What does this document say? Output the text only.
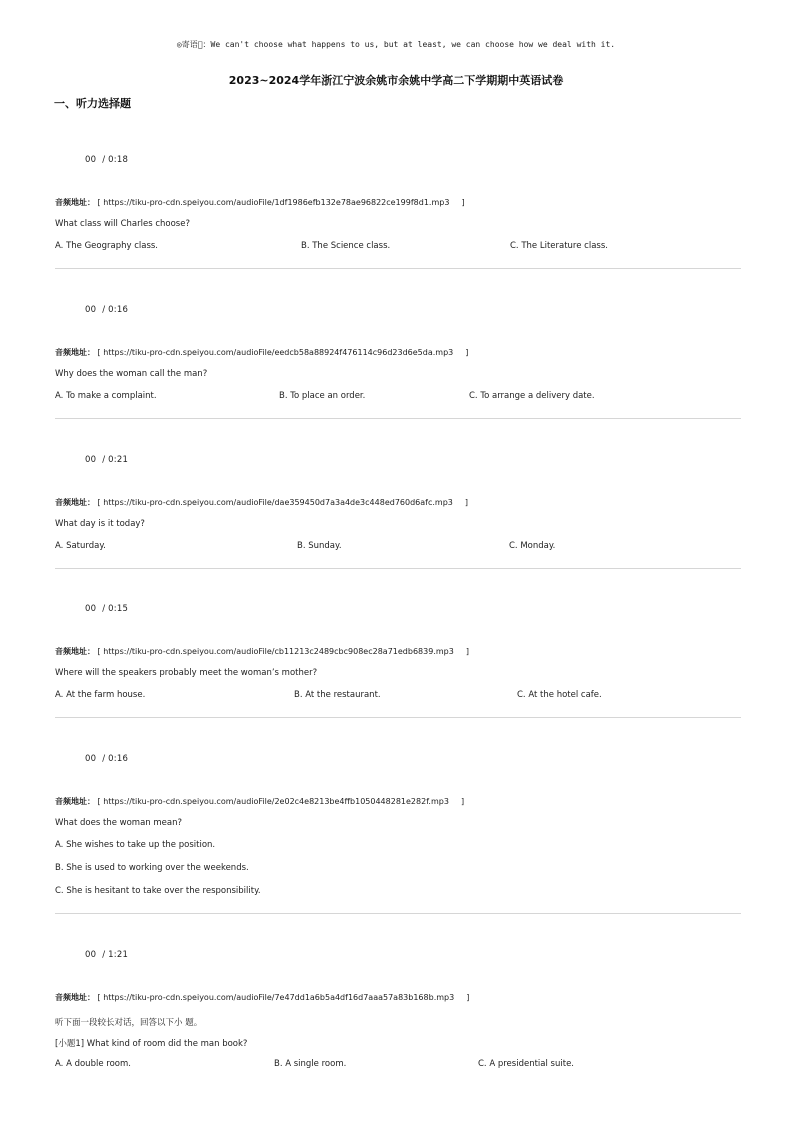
◎寄语𫠠：We can't choose what happens to us, but at least, we can choose how we deal with it.
2023~2024学年浙江宁波余姚市余姚中学高二下学期期中英语试卷
一、听力选择题
00 / 0:18
音频地址： [ https://tiku-pro-cdn.speiyou.com/audioFile/1df1986efb132e78ae96822ce199f8d1.mp3 ]
What class will Charles choose?
A. The Geography class.	B. The Science class.	C. The Literature class.
00 / 0:16
音频地址： [ https://tiku-pro-cdn.speiyou.com/audioFile/eedcb58a88924f476114c96d23d6e5da.mp3 ]
Why does the woman call the man?
A. To make a complaint.	B. To place an order.	C. To arrange a delivery date.
00 / 0:21
音频地址： [ https://tiku-pro-cdn.speiyou.com/audioFile/dae359450d7a3a4de3c448ed760d6afc.mp3 ]
What day is it today?
A. Saturday.	B. Sunday.	C. Monday.
00 / 0:15
音频地址： [ https://tiku-pro-cdn.speiyou.com/audioFile/cb11213c2489cbc908ec28a71edb6839.mp3 ]
Where will the speakers probably meet the woman’s mother?
A. At the farm house.	B. At the restaurant.	C. At the hotel cafe.
00 / 0:16
音频地址： [ https://tiku-pro-cdn.speiyou.com/audioFile/2e02c4e8213be4ffb1050448281e282f.mp3 ]
What does the woman mean?
A. She wishes to take up the position.
B. She is used to working over the weekends.
C. She is hesitant to take over the responsibility.
00 / 1:21
音频地址： [ https://tiku-pro-cdn.speiyou.com/audioFile/7e47dd1a6b5a4df16d7aaa57a83b168b.mp3 ]
听下面一段较长对话，回答以下小 题。
[小题1] What kind of room did the man book?
A. A double room.	B. A single room.	C. A presidential suite.
